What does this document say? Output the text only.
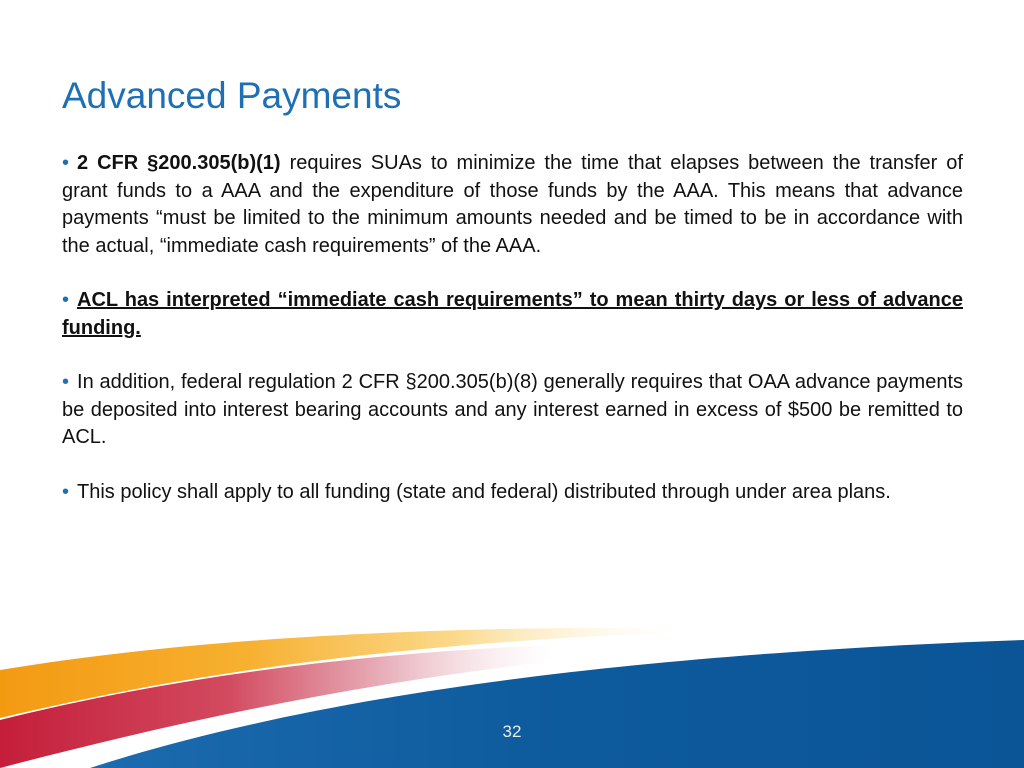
Advanced Payments

• 2 CFR §200.305(b)(1) requires SUAs to minimize the time that elapses between the transfer of grant funds to a AAA and the expenditure of those funds by the AAA. This means that advance payments “must be limited to the minimum amounts needed and be timed to be in accordance with the actual, “immediate cash requirements” of the AAA.

• ACL has interpreted “immediate cash requirements” to mean thirty days or less of advance funding.

• In addition, federal regulation 2 CFR §200.305(b)(8) generally requires that OAA advance payments be deposited into interest bearing accounts and any interest earned in excess of $500 be remitted to ACL.

• This policy shall apply to all funding (state and federal) distributed through under area plans.

32
